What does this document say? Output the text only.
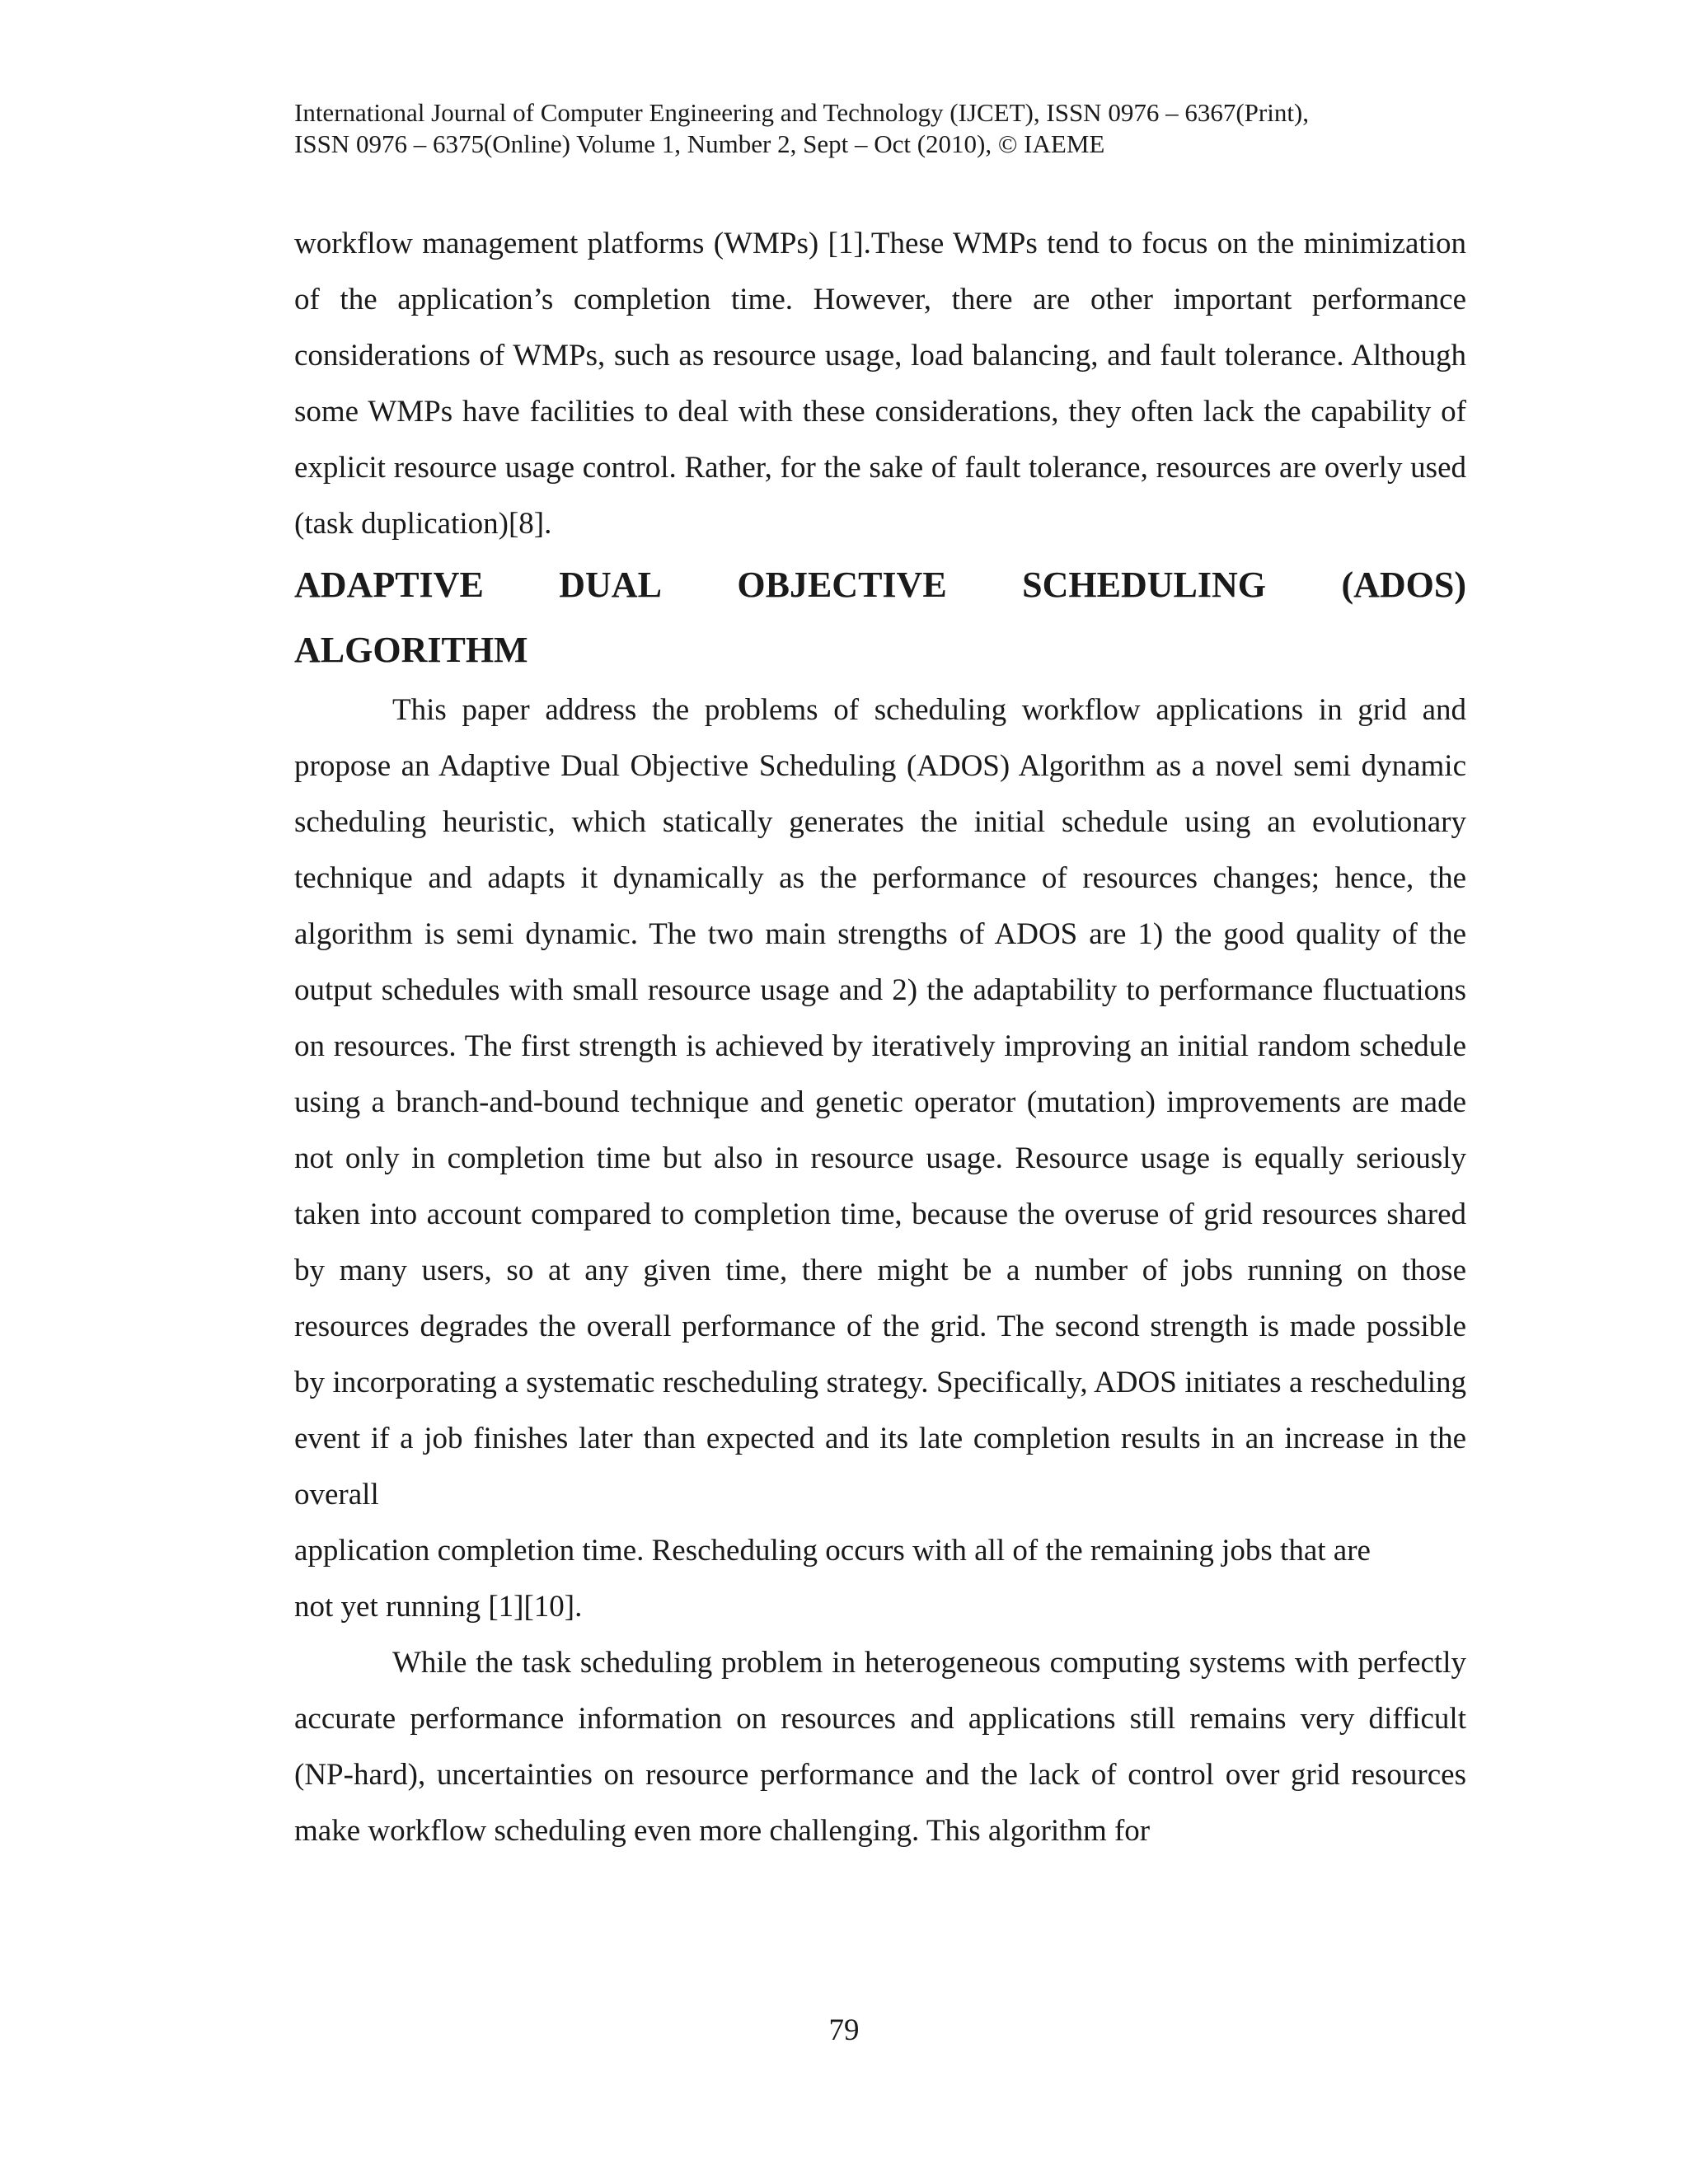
International Journal of Computer Engineering and Technology (IJCET), ISSN 0976 – 6367(Print),
ISSN 0976 – 6375(Online) Volume 1, Number 2, Sept – Oct (2010), © IAEME

workflow management platforms (WMPs) [1].These WMPs tend to focus on the minimization of the application’s completion time. However, there are other important performance considerations of WMPs, such as resource usage, load balancing, and fault tolerance. Although some WMPs have facilities to deal with these considerations, they often lack the capability of explicit resource usage control. Rather, for the sake of fault tolerance, resources are overly used (task duplication)[8].

ADAPTIVE DUAL OBJECTIVE SCHEDULING (ADOS)
ALGORITHM

This paper address the problems of scheduling workflow applications in grid and propose an Adaptive Dual Objective Scheduling (ADOS) Algorithm as a novel semi dynamic scheduling heuristic, which statically generates the initial schedule using an evolutionary technique and adapts it dynamically as the performance of resources changes; hence, the algorithm is semi dynamic. The two main strengths of ADOS are 1) the good quality of the output schedules with small resource usage and 2) the adaptability to performance fluctuations on resources. The first strength is achieved by iteratively improving an initial random schedule using a branch-and-bound technique and genetic operator (mutation) improvements are made not only in completion time but also in resource usage. Resource usage is equally seriously taken into account compared to completion time, because the overuse of grid resources shared by many users, so at any given time, there might be a number of jobs running on those resources degrades the overall performance of the grid. The second strength is made possible by incorporating a systematic rescheduling strategy. Specifically, ADOS initiates a rescheduling event if a job finishes later than expected and its late completion results in an increase in the overall

application completion time. Rescheduling occurs with all of the remaining jobs that are

not yet running [1][10].

While the task scheduling problem in heterogeneous computing systems with perfectly accurate performance information on resources and applications still remains very difficult (NP-hard), uncertainties on resource performance and the lack of control over grid resources make workflow scheduling even more challenging. This algorithm for

79
